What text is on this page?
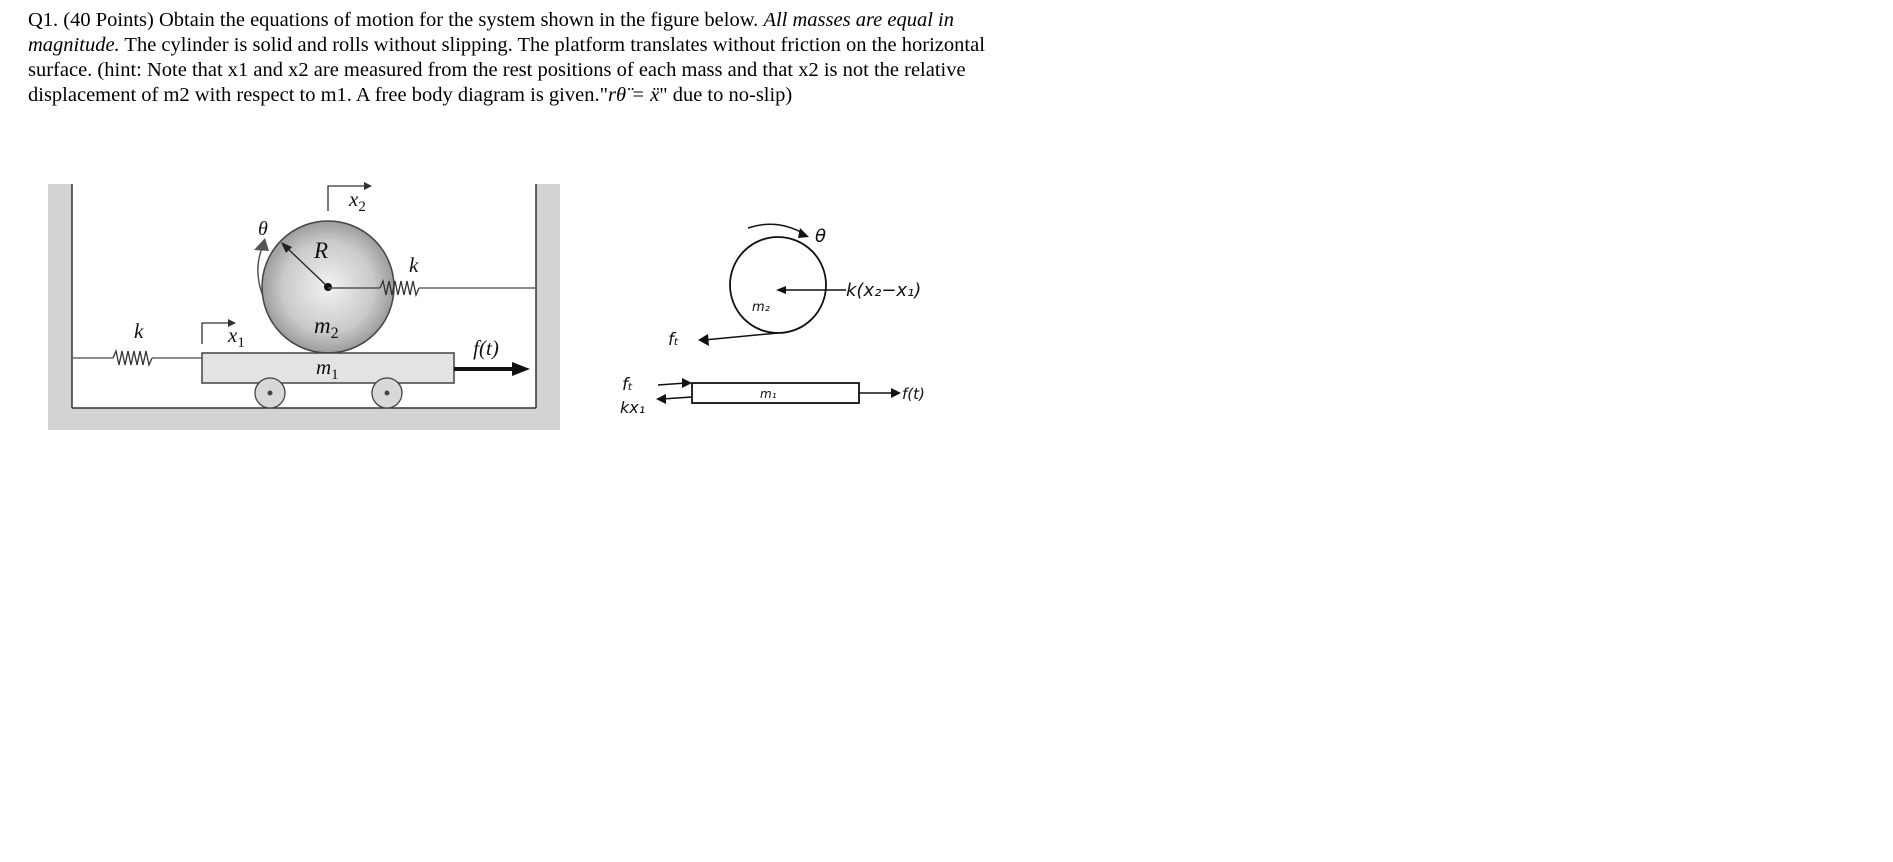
Q1. (40 Points) Obtain the equations of motion for the system shown in the figure below. All masses are equal in magnitude. The cylinder is solid and rolls without slipping. The platform translates without friction on the horizontal surface. (hint: Note that x1 and x2 are measured from the rest positions of each mass and that x2 is not the relative displacement of m2 with respect to m1. A free body diagram is given."rθ̈ = ẍ" due to no-slip)
$x_2$
θ
R
$m_2$
k
$x_1$
k
$m_1$
f(t)
θ
k(x₂−x₁)
m₂
fₜ
m₁
fₜ
kx₁
f(t)
